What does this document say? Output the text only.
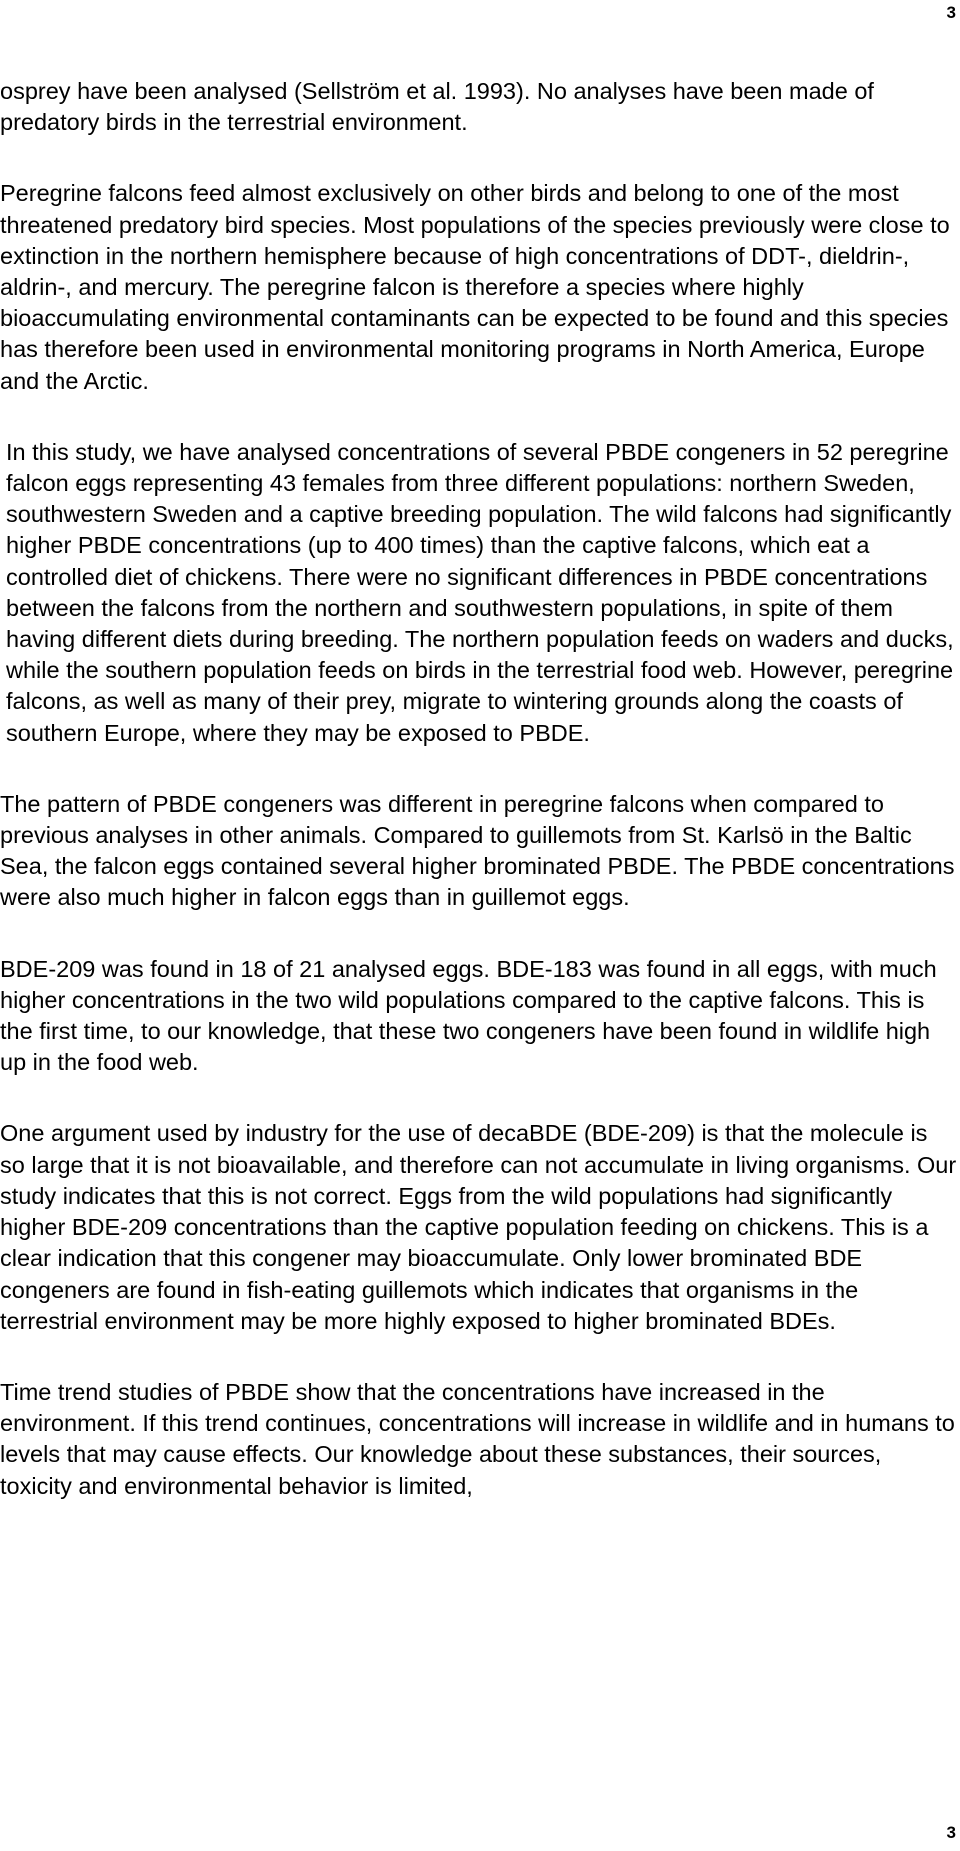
3

osprey have been analysed (Sellström et al. 1993). No analyses have been made of predatory birds in the terrestrial environment.

Peregrine falcons feed almost exclusively on other birds and belong to one of the most threatened predatory bird species. Most populations of the species previously were close to extinction in the northern hemisphere because of high concentrations of DDT-, dieldrin-, aldrin-, and mercury. The peregrine falcon is therefore a species where highly bioaccumulating environmental contaminants can be expected to be found and this species has therefore been used in environmental monitoring programs in North America, Europe and the Arctic.

In this study, we have analysed concentrations of several PBDE congeners in 52 peregrine falcon eggs representing 43 females from three different populations: northern Sweden, southwestern Sweden and a captive breeding population. The wild falcons had significantly higher PBDE concentrations (up to 400 times) than the captive falcons, which eat a controlled diet of chickens. There were no significant differences in PBDE concentrations between the falcons from the northern and southwestern populations, in spite of them having different diets during breeding. The northern population feeds on waders and ducks, while the southern population feeds on birds in the terrestrial food web. However, peregrine falcons, as well as many of their prey, migrate to wintering grounds along the coasts of southern Europe, where they may be exposed to PBDE.

The pattern of PBDE congeners was different in peregrine falcons when compared to previous analyses in other animals. Compared to guillemots from St. Karlsö in the Baltic Sea, the falcon eggs contained several higher brominated PBDE. The PBDE concentrations were also much higher in falcon eggs than in guillemot eggs.

BDE-209 was found in 18 of 21 analysed eggs. BDE-183 was found in all eggs, with much higher concentrations in the two wild populations compared to the captive falcons. This is the first time, to our knowledge, that these two congeners have been found in wildlife high up in the food web.

One argument used by industry for the use of decaBDE (BDE-209) is that the molecule is so large that it is not bioavailable, and therefore can not accumulate in living organisms. Our study indicates that this is not correct. Eggs from the wild populations had significantly higher BDE-209 concentrations than the captive population feeding on chickens. This is a clear indication that this congener may bioaccumulate. Only lower brominated BDE congeners are found in fish-eating guillemots which indicates that organisms in the terrestrial environment may be more highly exposed to higher brominated BDEs.

Time trend studies of PBDE show that the concentrations have increased in the environment. If this trend continues, concentrations will increase in wildlife and in humans to levels that may cause effects. Our knowledge about these substances, their sources, toxicity and environmental behavior is limited,

3
